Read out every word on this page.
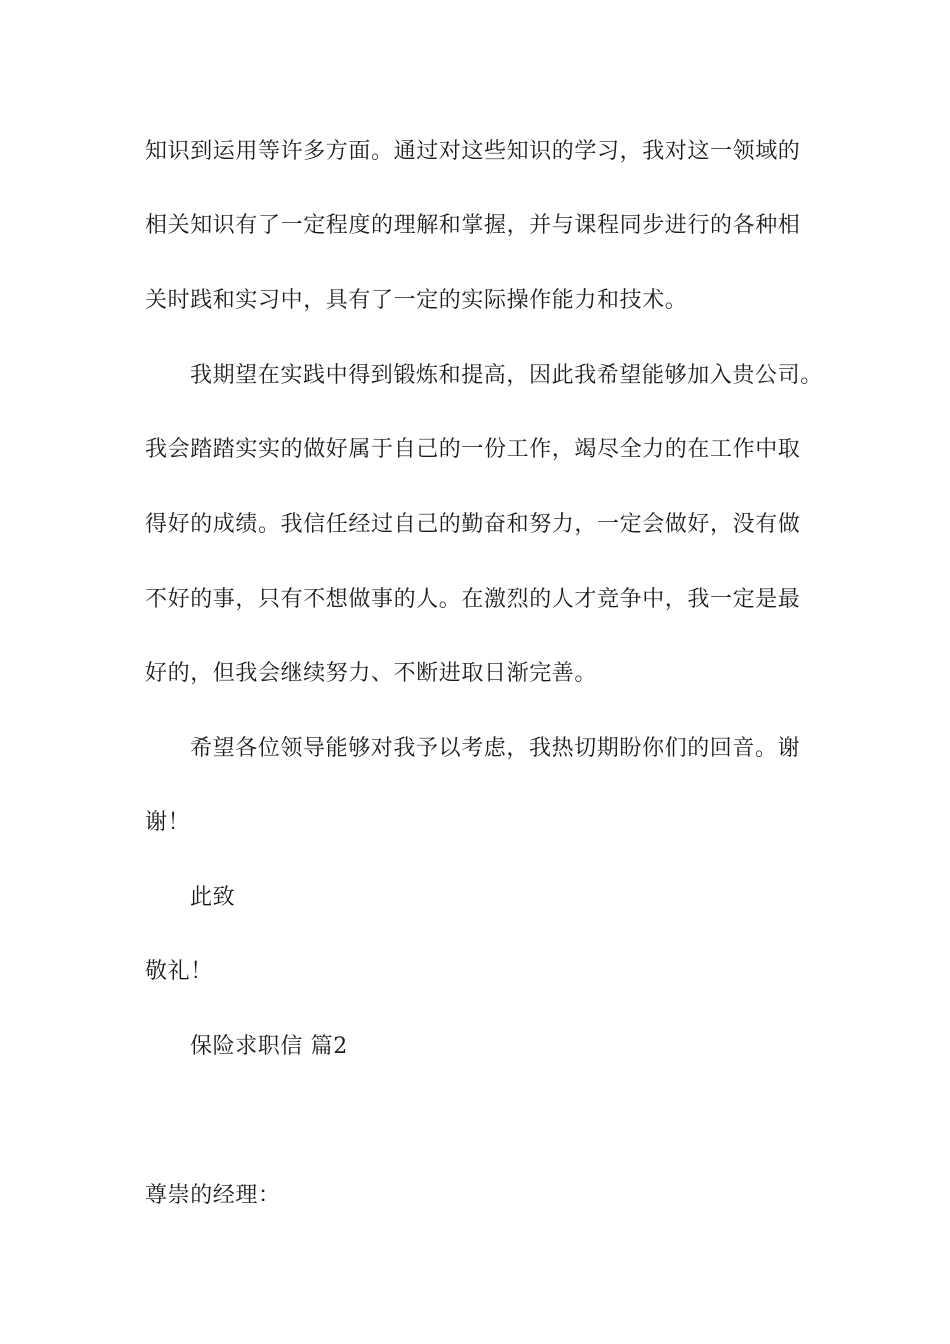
知识到运用等许多方面。通过对这些知识的学习，我对这一领域的
相关知识有了一定程度的理解和掌握，并与课程同步进行的各种相
关时践和实习中，具有了一定的实际操作能力和技术。
我期望在实践中得到锻炼和提高，因此我希望能够加入贵公司。
我会踏踏实实的做好属于自己的一份工作，竭尽全力的在工作中取
得好的成绩。我信任经过自己的勤奋和努力，一定会做好，没有做
不好的事，只有不想做事的人。在激烈的人才竞争中，我一定是最
好的，但我会继续努力、不断进取日渐完善。
希望各位领导能够对我予以考虑，我热切期盼你们的回音。谢
谢！
此致
敬礼！
保险求职信 篇2
尊崇的经理：
